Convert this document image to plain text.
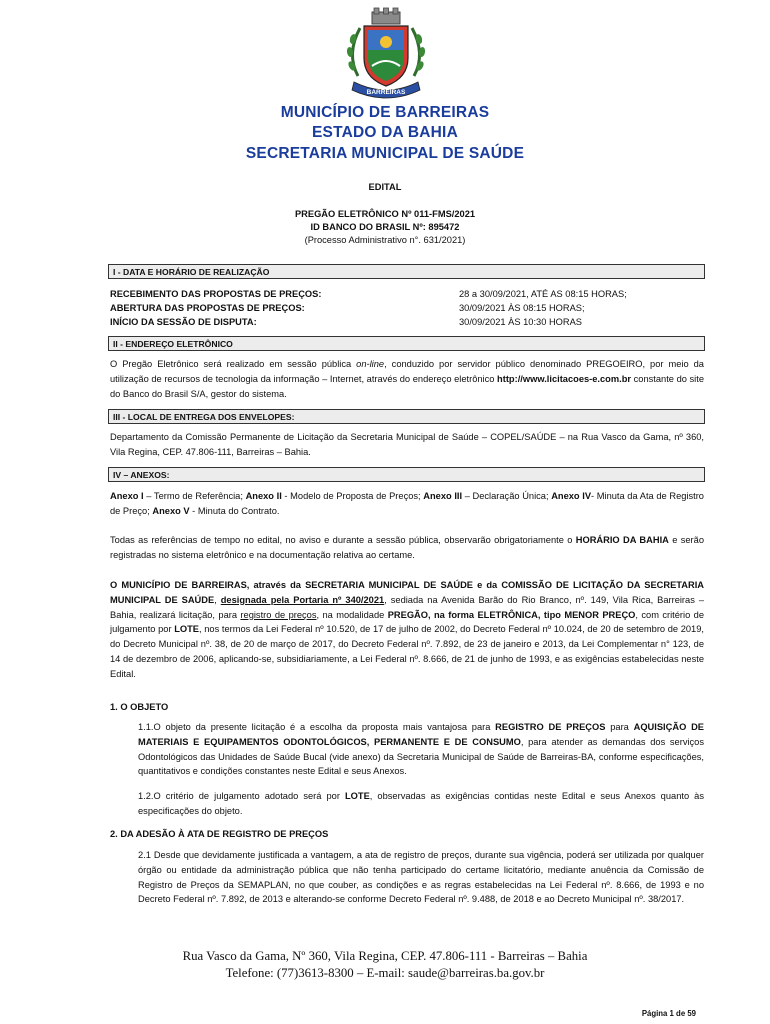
BARREIRAS
MUNICÍPIO DE BARREIRAS
ESTADO DA BAHIA
SECRETARIA MUNICIPAL DE SAÚDE
EDITAL
PREGÃO ELETRÔNICO Nº 011-FMS/2021
ID BANCO DO BRASIL Nº: 895472
(Processo Administrativo n°. 631/2021)
I - DATA E HORÁRIO DE REALIZAÇÃO
RECEBIMENTO DAS PROPOSTAS DE PREÇOS:	28 a 30/09/2021, ATÉ AS 08:15 HORAS;
ABERTURA DAS PROPOSTAS DE PREÇOS:	30/09/2021 ÀS 08:15 HORAS;
INÍCIO DA SESSÃO DE DISPUTA:	30/09/2021 ÀS 10:30 HORAS
II - ENDEREÇO ELETRÔNICO
O Pregão Eletrônico será realizado em sessão pública on-line, conduzido por servidor público denominado PREGOEIRO, por meio da utilização de recursos de tecnologia da informação – Internet, através do endereço eletrônico http://www.licitacoes-e.com.br constante do site do Banco do Brasil S/A, gestor do sistema.
III - LOCAL DE ENTREGA DOS ENVELOPES:
Departamento da Comissão Permanente de Licitação da Secretaria Municipal de Saúde – COPEL/SAÚDE – na Rua Vasco da Gama, nº 360, Vila Regina, CEP. 47.806-111, Barreiras – Bahia.
IV – ANEXOS:
Anexo I – Termo de Referência; Anexo II - Modelo de Proposta de Preços; Anexo III – Declaração Única; Anexo IV- Minuta da Ata de Registro de Preço; Anexo V - Minuta do Contrato.
Todas as referências de tempo no edital, no aviso e durante a sessão pública, observarão obrigatoriamente o HORÁRIO DA BAHIA e serão registradas no sistema eletrônico e na documentação relativa ao certame.
O MUNICÍPIO DE BARREIRAS, através da SECRETARIA MUNICIPAL DE SAÚDE e da COMISSÃO DE LICITAÇÃO DA SECRETARIA MUNICIPAL DE SAÚDE, designada pela Portaria nº 340/2021, sediada na Avenida Barão do Rio Branco, nº. 149, Vila Rica, Barreiras – Bahia, realizará licitação, para registro de preços, na modalidade PREGÃO, na forma ELETRÔNICA, tipo MENOR PREÇO, com critério de julgamento por LOTE, nos termos da Lei Federal nº 10.520, de 17 de julho de 2002, do Decreto Federal nº 10.024, de 20 de setembro de 2019, do Decreto Municipal nº. 38, de 20 de março de 2017, do Decreto Federal nº. 7.892, de 23 de janeiro e 2013, da Lei Complementar n° 123, de 14 de dezembro de 2006, aplicando-se, subsidiariamente, a Lei Federal nº. 8.666, de 21 de junho de 1993, e as exigências estabelecidas neste Edital.
1. O OBJETO
1.1.O objeto da presente licitação é a escolha da proposta mais vantajosa para REGISTRO DE PREÇOS para AQUISIÇÃO DE MATERIAIS E EQUIPAMENTOS ODONTOLÓGICOS, PERMANENTE E DE CONSUMO, para atender as demandas dos serviços Odontológicos das Unidades de Saúde Bucal (vide anexo) da Secretaria Municipal de Saúde de Barreiras-BA, conforme especificações, quantitativos e condições constantes neste Edital e seus Anexos.
1.2.O critério de julgamento adotado será por LOTE, observadas as exigências contidas neste Edital e seus Anexos quanto às especificações do objeto.
2. DA ADESÃO À ATA DE REGISTRO DE PREÇOS
2.1 Desde que devidamente justificada a vantagem, a ata de registro de preços, durante sua vigência, poderá ser utilizada por qualquer órgão ou entidade da administração pública que não tenha participado do certame licitatório, mediante anuência da Comissão de Registro de Preços da SEMAPLAN, no que couber, as condições e as regras estabelecidas na Lei Federal nº. 8.666, de 1993 e no Decreto Federal nº. 7.892, de 2013 e alterando-se conforme Decreto Federal nº. 9.488, de 2018 e ao Decreto Municipal nº. 38/2017.
Rua Vasco da Gama, Nº 360, Vila Regina, CEP. 47.806-111 - Barreiras – Bahia
Telefone: (77)3613-8300 – E-mail: saude@barreiras.ba.gov.br
Página 1 de 59
